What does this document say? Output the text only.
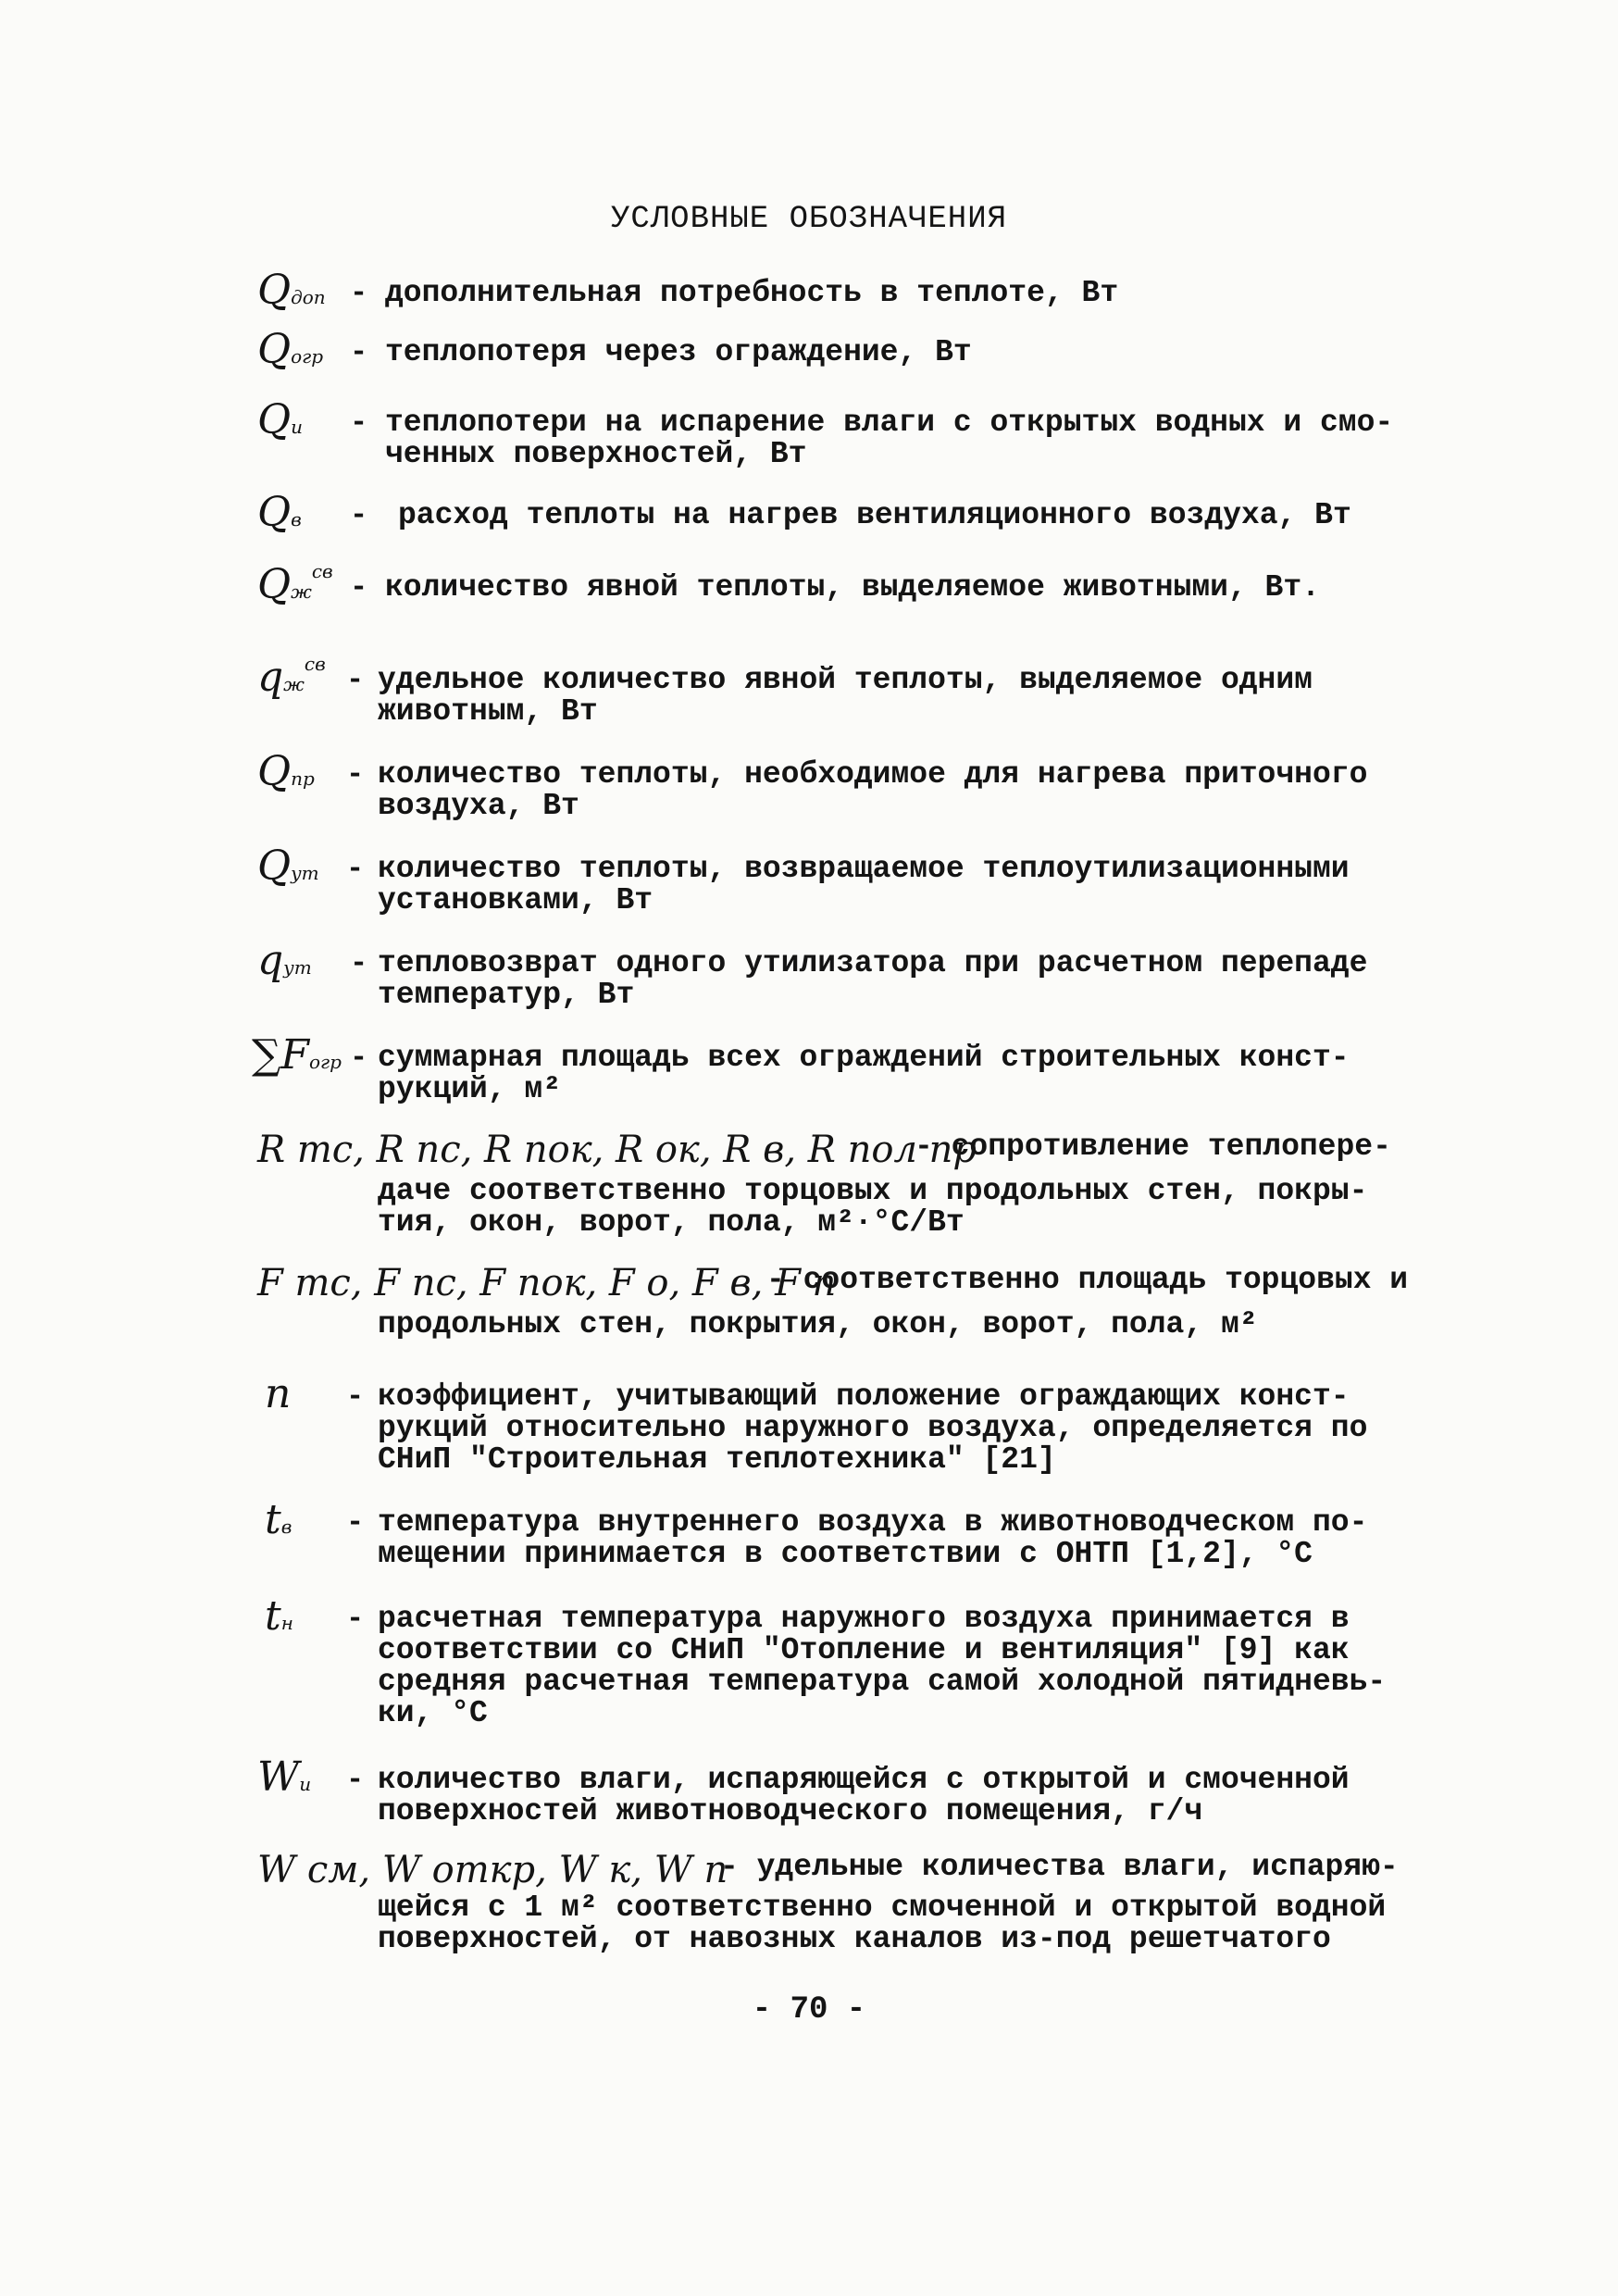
УСЛОВНЫЕ ОБОЗНАЧЕНИЯ
Qдоп - дополнительная потребность в теплоте, Вт
Qогр - теплопотеря через ограждение, Вт
Qи - теплопотери на испарение влаги с открытых водных и смо-
ченных поверхностей, Вт
Qв - расход теплоты на нагрев вентиляционного воздуха, Вт
$Qж^{св}$ - количество явной теплоты, выделяемое животными, Вт.
$qж^{св}$ - удельное количество явной теплоты, выделяемое одним
животным, Вт
Qпр - количество теплоты, необходимое для нагрева приточного
воздуха, Вт
Qут - количество теплоты, возвращаемое теплоутилизационными
установками, Вт
qут - тепловозврат одного утилизатора при расчетном перепаде
температур, Вт
∑Fогр - суммарная площадь всех ограждений строительных конст-
рукций, м²
R тс, R пс, R пок, R ок, R в, R пол пр
- сопротивление теплопере-
даче соответственно торцовых и продольных стен, покры-
тия, окон, ворот, пола, м²·°С/Вт
F тс, F пс, F пок, F о, F в, F п
- соответственно площадь торцовых и
продольных стен, покрытия, окон, ворот, пола, м²
n - коэффициент, учитывающий положение ограждающих конст-
рукций относительно наружного воздуха, определяется по
СНиП "Строительная теплотехника" [21]
tв - температура внутреннего воздуха в животноводческом по-
мещении принимается в соответствии с ОНТП [1,2], °С
tн - расчетная температура наружного воздуха принимается в
соответствии со СНиП "Отопление и вентиляция" [9] как
средняя расчетная температура самой холодной пятидневь-
ки, °С
Wи - количество влаги, испаряющейся с открытой и смоченной
поверхностей животноводческого помещения, г/ч
W см, W откр, W к, W п
- удельные количества влаги, испаряю-
щейся с 1 м² соответственно смоченной и открытой водной
поверхностей, от навозных каналов из-под решетчатого
- 70 -
